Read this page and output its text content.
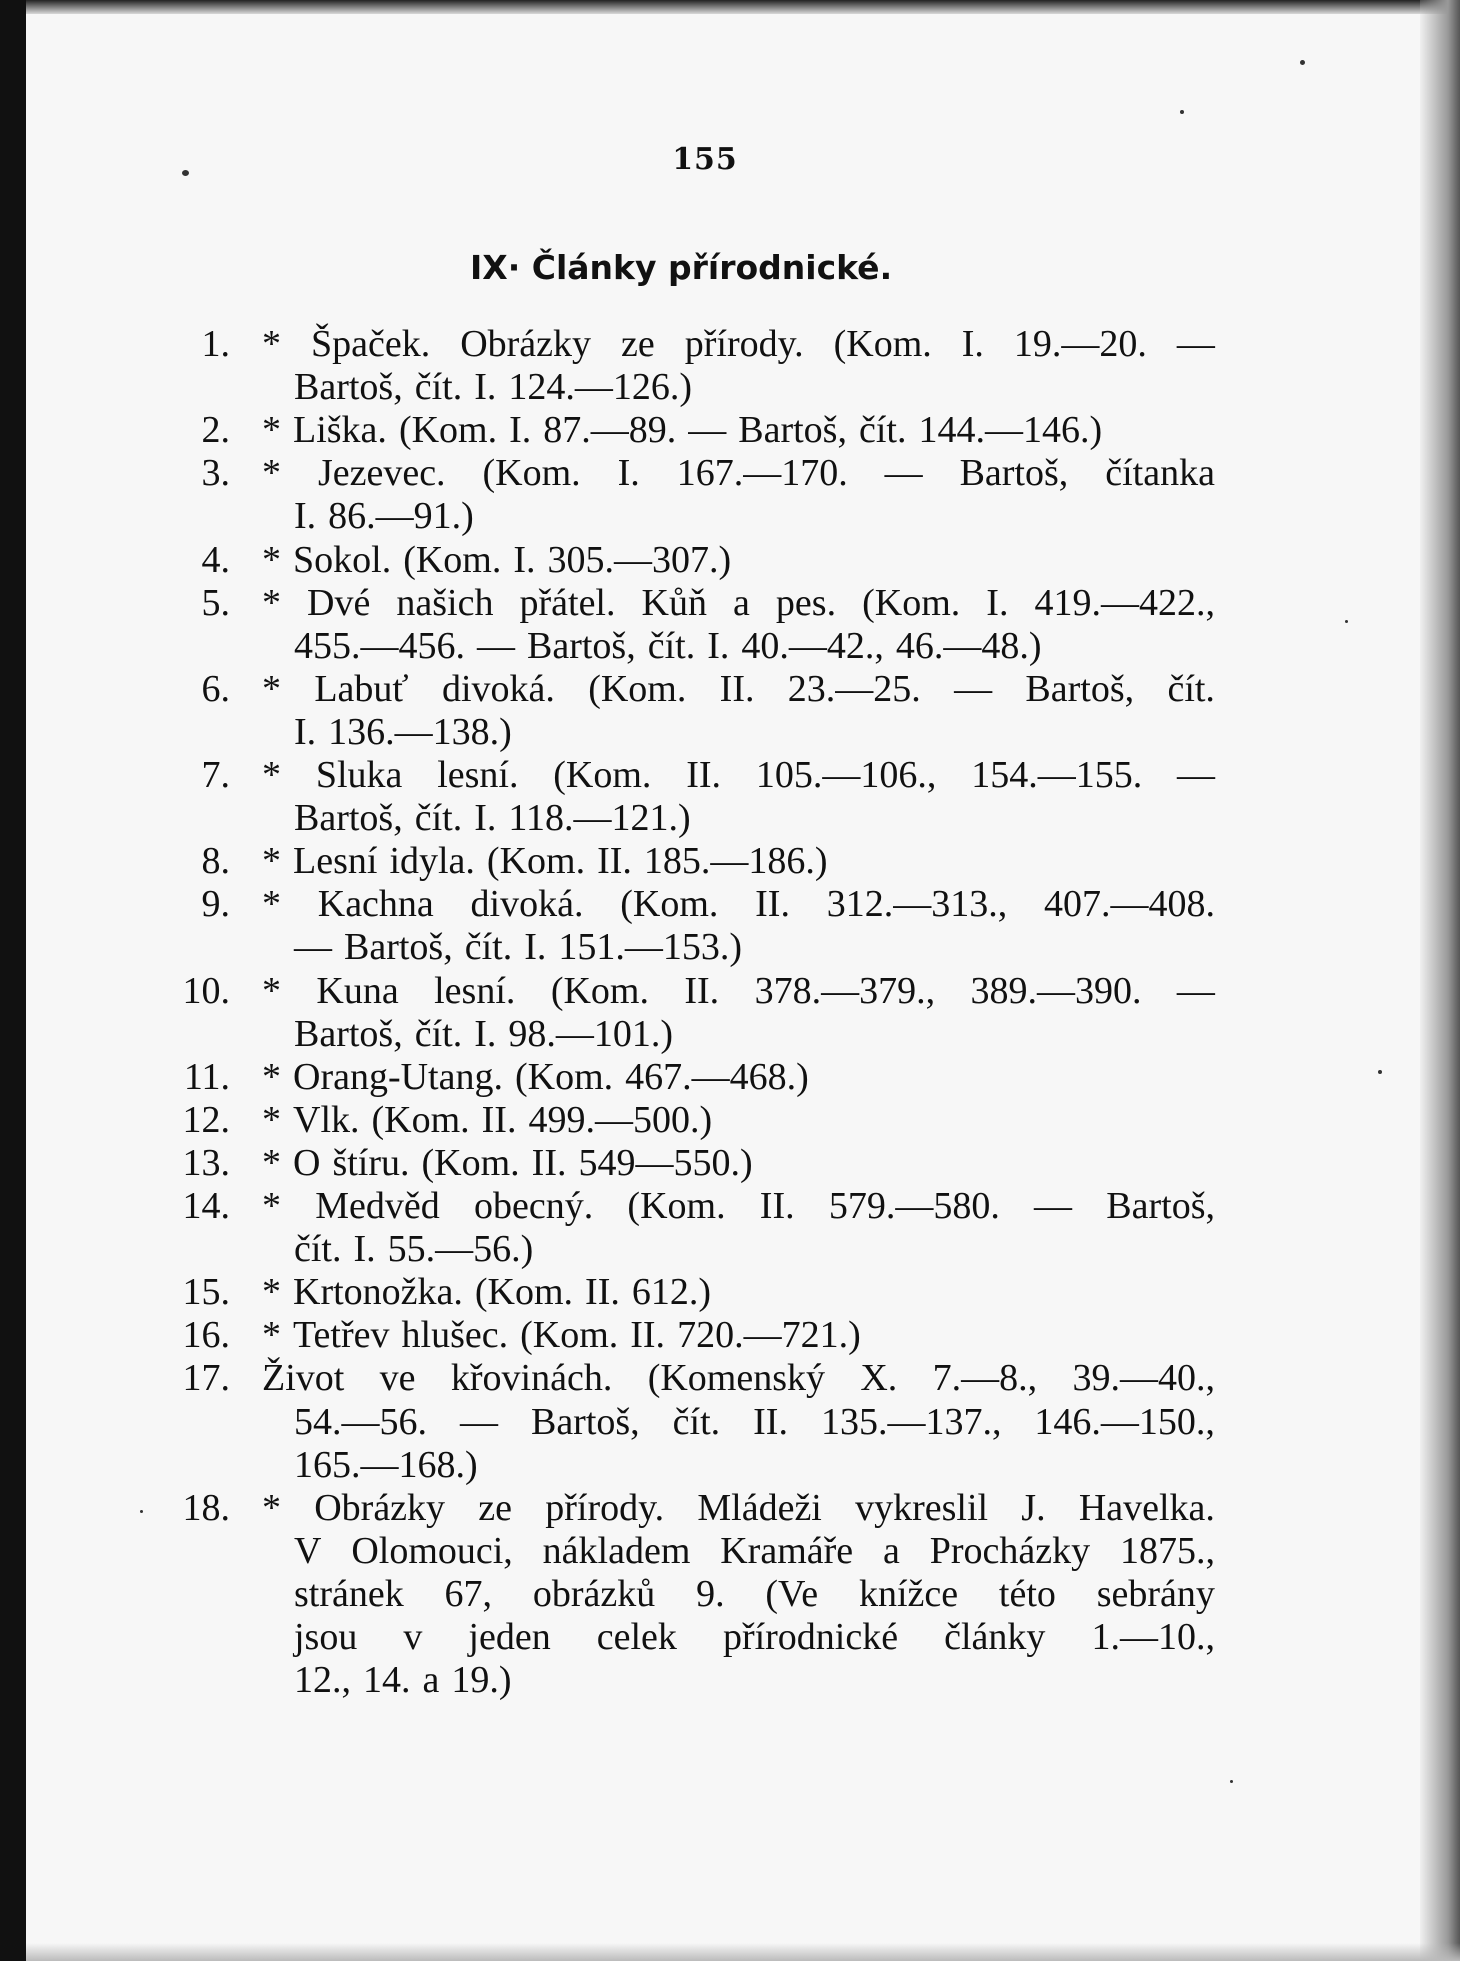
155
IX· Články přírodnické.
1. * Špaček. Obrázky ze přírody. (Kom. I. 19.—20. —
Bartoš, čít. I. 124.—126.)
2. * Liška. (Kom. I. 87.—89. — Bartoš, čít. 144.—146.)
3. * Jezevec. (Kom. I. 167.—170. — Bartoš, čítanka
I. 86.—91.)
4. * Sokol. (Kom. I. 305.—307.)
5. * Dvé našich přátel. Kůň a pes. (Kom. I. 419.—422.,
455.—456. — Bartoš, čít. I. 40.—42., 46.—48.)
6. * Labuť divoká. (Kom. II. 23.—25. — Bartoš, čít.
I. 136.—138.)
7. * Sluka lesní. (Kom. II. 105.—106., 154.—155. —
Bartoš, čít. I. 118.—121.)
8. * Lesní idyla. (Kom. II. 185.—186.)
9. * Kachna divoká. (Kom. II. 312.—313., 407.—408.
— Bartoš, čít. I. 151.—153.)
10. * Kuna lesní. (Kom. II. 378.—379., 389.—390. —
Bartoš, čít. I. 98.—101.)
11. * Orang-Utang. (Kom. 467.—468.)
12. * Vlk. (Kom. II. 499.—500.)
13. * O štíru. (Kom. II. 549—550.)
14. * Medvěd obecný. (Kom. II. 579.—580. — Bartoš,
čít. I. 55.—56.)
15. * Krtonožka. (Kom. II. 612.)
16. * Tetřev hlušec. (Kom. II. 720.—721.)
17. Život ve křovinách. (Komenský X. 7.—8., 39.—40.,
54.—56. — Bartoš, čít. II. 135.—137., 146.—150.,
165.—168.)
18. * Obrázky ze přírody. Mládeži vykreslil J. Havelka.
V Olomouci, nákladem Kramáře a Procházky 1875.,
stránek 67, obrázků 9. (Ve knížce této sebrány
jsou v jeden celek přírodnické články 1.—10.,
12., 14. a 19.)
